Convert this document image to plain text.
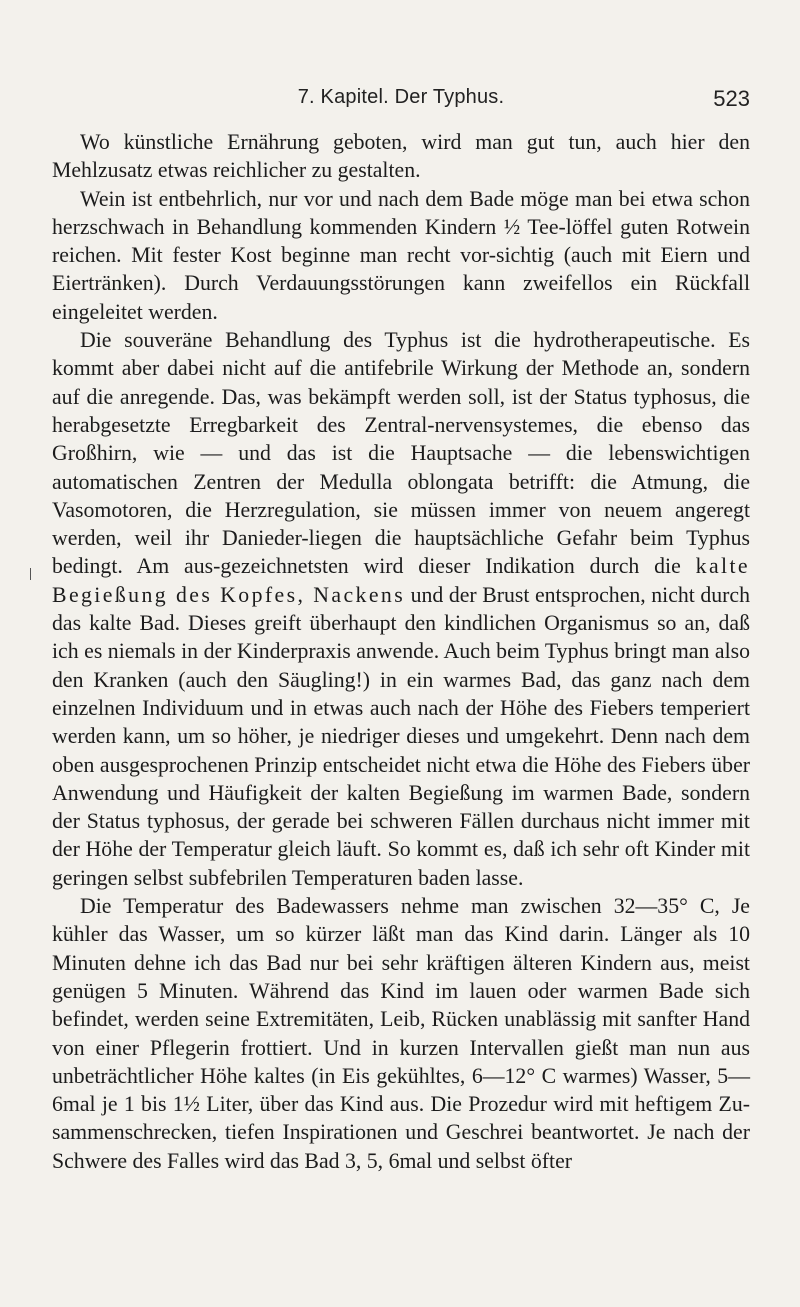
7. Kapitel. Der Typhus.	523

Wo künstliche Ernährung geboten, wird man gut tun, auch hier den Mehlzusatz etwas reichlicher zu gestalten.

Wein ist entbehrlich, nur vor und nach dem Bade möge man bei etwa schon herzschwach in Behandlung kommenden Kindern ½ Tee-löffel guten Rotwein reichen. Mit fester Kost beginne man recht vor-sichtig (auch mit Eiern und Eiertränken). Durch Verdauungsstörungen kann zweifellos ein Rückfall eingeleitet werden.

Die souveräne Behandlung des Typhus ist die hydrotherapeutische. Es kommt aber dabei nicht auf die antifebrile Wirkung der Methode an, sondern auf die anregende. Das, was bekämpft werden soll, ist der Status typhosus, die herabgesetzte Erregbarkeit des Zentral-nervensystemes, die ebenso das Großhirn, wie — und das ist die Hauptsache — die lebenswichtigen automatischen Zentren der Medulla oblongata betrifft: die Atmung, die Vasomotoren, die Herzregulation, sie müssen immer von neuem angeregt werden, weil ihr Danieder-liegen die hauptsächliche Gefahr beim Typhus bedingt. Am aus-gezeichnetsten wird dieser Indikation durch die kalte Begießung des Kopfes, Nackens und der Brust entsprochen, nicht durch das kalte Bad. Dieses greift überhaupt den kindlichen Organismus so an, daß ich es niemals in der Kinderpraxis anwende. Auch beim Typhus bringt man also den Kranken (auch den Säugling!) in ein warmes Bad, das ganz nach dem einzelnen Individuum und in etwas auch nach der Höhe des Fiebers temperiert werden kann, um so höher, je niedriger dieses und umgekehrt. Denn nach dem oben ausgesprochenen Prinzip entscheidet nicht etwa die Höhe des Fiebers über Anwendung und Häufigkeit der kalten Begießung im warmen Bade, sondern der Status typhosus, der gerade bei schweren Fällen durchaus nicht immer mit der Höhe der Temperatur gleich läuft. So kommt es, daß ich sehr oft Kinder mit geringen selbst subfebrilen Temperaturen baden lasse.

Die Temperatur des Badewassers nehme man zwischen 32—35° C, Je kühler das Wasser, um so kürzer läßt man das Kind darin. Länger als 10 Minuten dehne ich das Bad nur bei sehr kräftigen älteren Kindern aus, meist genügen 5 Minuten. Während das Kind im lauen oder warmen Bade sich befindet, werden seine Extremitäten, Leib, Rücken unablässig mit sanfter Hand von einer Pflegerin frottiert. Und in kurzen Intervallen gießt man nun aus unbeträchtlicher Höhe kaltes (in Eis gekühltes, 6—12° C warmes) Wasser, 5—6mal je 1 bis 1½ Liter, über das Kind aus. Die Prozedur wird mit heftigem Zu-sammenschrecken, tiefen Inspirationen und Geschrei beantwortet. Je nach der Schwere des Falles wird das Bad 3, 5, 6mal und selbst öfter
